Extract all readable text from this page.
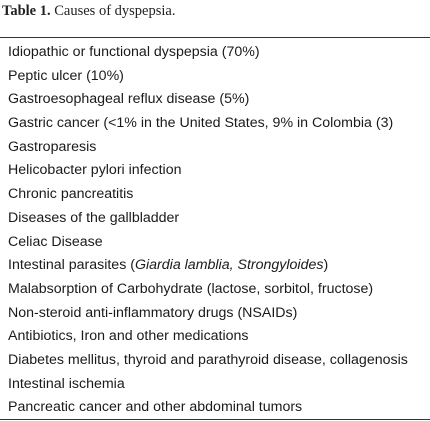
Table 1. Causes of dyspepsia.
Idiopathic or functional dyspepsia (70%)
Peptic ulcer (10%)
Gastroesophageal reflux disease (5%)
Gastric cancer (<1% in the United States, 9% in Colombia (3)
Gastroparesis
Helicobacter pylori infection
Chronic pancreatitis
Diseases of the gallbladder
Celiac Disease
Intestinal parasites (Giardia lamblia, Strongyloides)
Malabsorption of Carbohydrate (lactose, sorbitol, fructose)
Non-steroid anti-inflammatory drugs (NSAIDs)
Antibiotics, Iron and other medications
Diabetes mellitus, thyroid and parathyroid disease, collagenosis
Intestinal ischemia
Pancreatic cancer and other abdominal tumors
